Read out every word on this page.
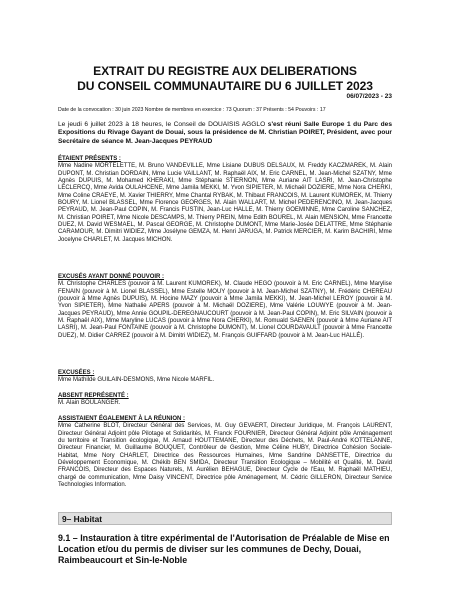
EXTRAIT DU REGISTRE AUX DELIBERATIONS
DU CONSEIL COMMUNAUTAIRE DU 6 JUILLET 2023
06/07/2023 - 23
Date de la convocation : 30 juin 2023 Nombre de membres en exercice : 73 Quorum : 37 Présents : 54 Pouvoirs : 17
Le jeudi 6 juillet 2023 à 18 heures, le Conseil de DOUAISIS AGGLO s'est réuni Salle Europe 1 du Parc des Expositions du Rivage Gayant de Douai, sous la présidence de M. Christian POIRET, Président, avec pour Secrétaire de séance M. Jean-Jacques PEYRAUD
ÉTAIENT PRÉSENTS :
Mme Nadine MORTELETTE, M. Bruno VANDEVILLE, Mme Lisiane DUBUS DELSAUX, M. Freddy KACZMAREK, M. Alain DUPONT, M. Christian DORDAIN, Mme Lucie VAILLANT, M. Raphaël AIX, M. Eric CARNEL, M. Jean-Michel SZATNY, Mme Agnès DUPUIS, M. Mohamed KHERAKI, Mme Stéphanie STIERNON, Mme Auriane AIT LASRI, M. Jean-Christophe LECLERCQ, Mme Avida OULAHCENE, Mme Jamila MEKKI, M. Yvon SIPIETER, M. Michaël DOZIERE, Mme Nora CHERKI, Mme Coline CRAEYE, M. Xavier THIERRY, Mme Chantal RYBAK, M. Thibaut FRANCOIS, M. Laurent KUMOREK, M. Thierry BOURY, M. Lionel BLASSEL, Mme Florence GEORGES, M. Alain WALLART, M. Michel PEDERENCINO, M. Jean-Jacques PEYRAUD, M. Jean-Paul COPIN, M. Francis FUSTIN, Jean-Luc HALLE, M. Thierry GOEMINNE, Mme Caroline SANCHEZ, M. Christian POIRET, Mme Nicole DESCAMPS, M. Thierry PREIN, Mme Edith BOUREL, M. Alain MENSION, Mme Francette DUEZ, M. David WESMAEL, M. Pascal GEORGE, M. Christophe DUMONT, Mme Marie-Josée DELATTRE, Mme Stéphanie CARAMOUR, M. Dimitri WIDIEZ, Mme Josélyne GEMZA, M. Henri JARUGA, M. Patrick MERCIER, M. Karim BACHIRI, Mme Jocelyne CHARLET, M. Jacques MICHON.
EXCUSÉS AYANT DONNÉ POUVOIR :
M. Christophe CHARLES (pouvoir à M. Laurent KUMOREK), M. Claude HEGO (pouvoir à M. Eric CARNEL), Mme Marylise FENAIN (pouvoir à M. Lionel BLASSEL), Mme Estelle MOUY (pouvoir à M. Jean-Michel SZATNY), M. Frédéric CHEREAU (pouvoir à Mme Agnès DUPUIS), M. Hocine MAZY (pouvoir à Mme Jamila MEKKI), M. Jean-Michel LEROY (pouvoir à M. Yvon SIPIETER), Mme Nathalie APERS (pouvoir à M. Michaël DOZIERE), Mme Valérie LOUWYE (pouvoir à M. Jean-Jacques PEYRAUD), Mme Annie GOUPIL-DEREGNAUCOURT (pouvoir à M. Jean-Paul COPIN), M. Eric SILVAIN (pouvoir à M. Raphaël AIX), Mme Maryline LUCAS (pouvoir à Mme Nora CHERKI), M. Romuald SAENEN (pouvoir à Mme Auriane AIT LASRI), M. Jean-Paul FONTAINE (pouvoir à M. Christophe DUMONT), M. Lionel COURDAVAULT (pouvoir à Mme Francette DUEZ), M. Didier CARREZ (pouvoir à M. Dimitri WIDIEZ), M. François GUIFFARD (pouvoir à M. Jean-Luc HALLÉ).
EXCUSÉES :
Mme Mathilde GUILAIN-DESMONS, Mme Nicole MARFIL.
ABSENT REPRÉSENTÉ :
M. Alain BOULANGER.
ASSISTAIENT ÉGALEMENT À LA RÉUNION :
Mme Catherine BLOT, Directeur Général des Services, M. Guy GEVAERT, Directeur Juridique, M. François LAURENT, Directeur Général Adjoint pôle Pilotage et Solidarités, M. Franck FOURNIER, Directeur Général Adjoint pôle Aménagement du territoire et Transition écologique, M. Arnaud HOUTTEMANE, Directeur des Déchets, M. Paul-André KOTTELANNE, Directeur Financier, M. Guillaume BOUQUET, Contrôleur de Gestion, Mme Céline HUBY, Directrice Cohésion Sociale-Habitat, Mme Nory CHARLET, Directrice des Ressources Humaines, Mme Sandrine DANSETTE, Directrice du Développement Economique, M. Chékib BEN SMIDA, Directeur Transition Ecologique – Mobilité et Qualité, M. David FRANCOIS, Directeur des Espaces Naturels, M. Aurélien BEHAGUE, Directeur Cycle de l'Eau, M. Raphaël MATHIEU, chargé de communication, Mme Daisy VINCENT, Directrice pôle Aménagement, M. Cédric GILLERON, Directeur Service Technologies Information.
9– Habitat
9.1 – Instauration à titre expérimental de l'Autorisation de Préalable de Mise en Location et/ou du permis de diviser sur les communes de Dechy, Douai, Raimbeaucourt et Sin-le-Noble
